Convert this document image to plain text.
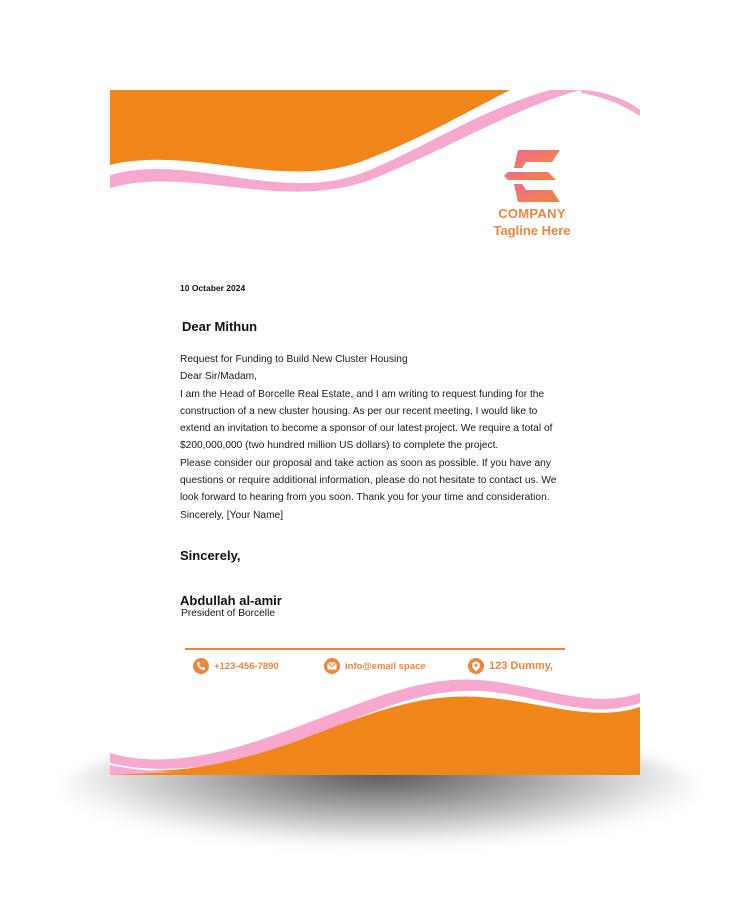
COMPANY
Tagline Here
10 Octaber 2024
Dear Mithun
Request for Funding to Build New Cluster Housing
Dear Sir/Madam,
I am the Head of Borcelle Real Estate, and I am writing to request funding for the
construction of a new cluster housing. As per our recent meeting, I would like to
extend an invitation to become a sponsor of our latest project. We require a total of
$200,000,000 (two hundred million US dollars) to complete the project.
Please consider our proposal and take action as soon as possible. If you have any
questions or require additional information, please do not hesitate to contact us. We
look forward to hearing from you soon. Thank you for your time and consideration.
Sincerely, [Your Name]
Sincerely,
Abdullah al-amir
President of Borcelle
+123-456-7890	info@email space	123 Dummy,
